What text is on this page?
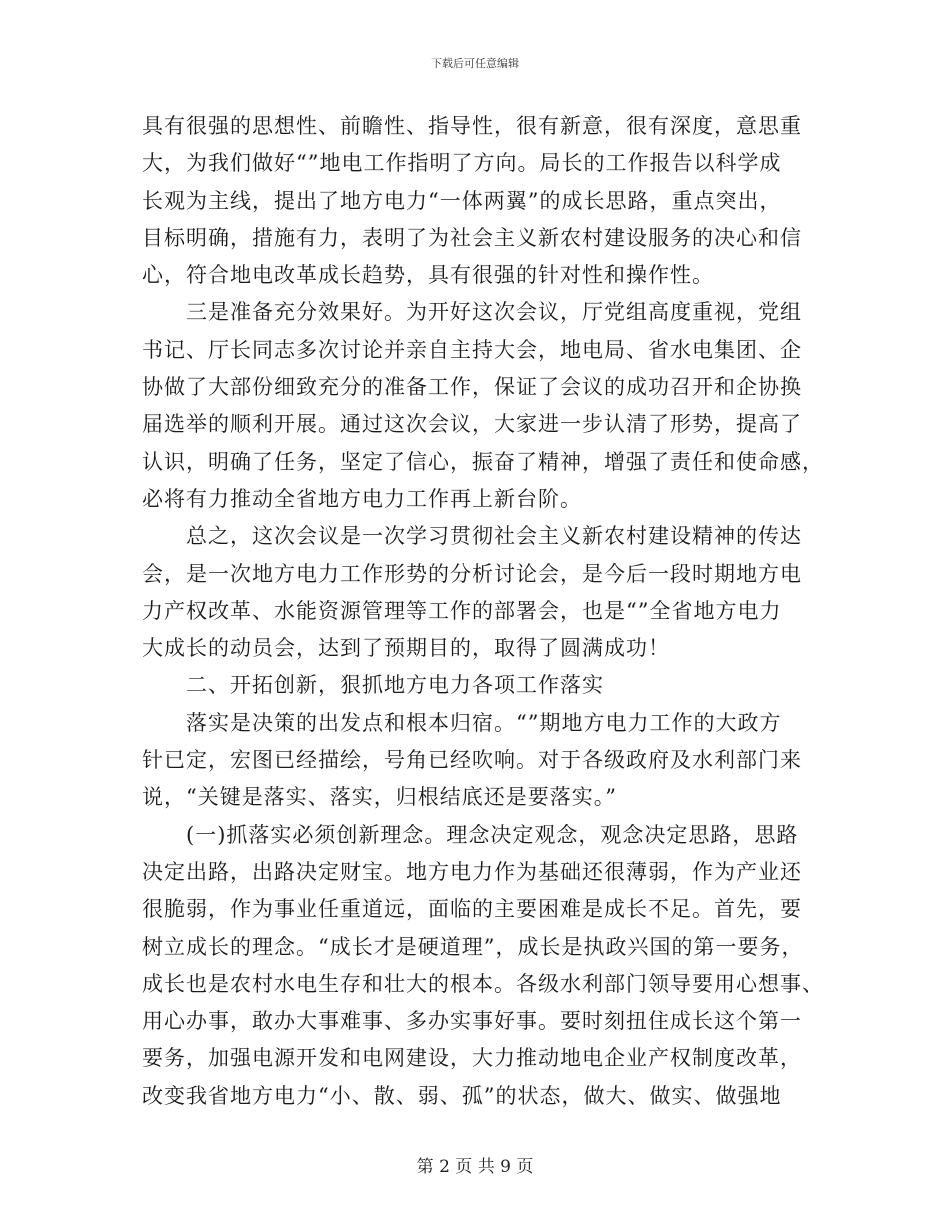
下载后可任意编辑
具有很强的思想性、前瞻性、指导性，很有新意，很有深度，意思重
大，为我们做好“”地电工作指明了方向。局长的工作报告以科学成
长观为主线，提出了地方电力“一体两翼”的成长思路，重点突出，
目标明确，措施有力，表明了为社会主义新农村建设服务的决心和信
心，符合地电改革成长趋势，具有很强的针对性和操作性。
　　三是准备充分效果好。为开好这次会议，厅党组高度重视，党组
书记、厅长同志多次讨论并亲自主持大会，地电局、省水电集团、企
协做了大部份细致充分的准备工作，保证了会议的成功召开和企协换
届选举的顺利开展。通过这次会议，大家进一步认清了形势，提高了
认识，明确了任务，坚定了信心，振奋了精神，增强了责任和使命感，
必将有力推动全省地方电力工作再上新台阶。
　　总之，这次会议是一次学习贯彻社会主义新农村建设精神的传达
会，是一次地方电力工作形势的分析讨论会，是今后一段时期地方电
力产权改革、水能资源管理等工作的部署会，也是“”全省地方电力
大成长的动员会，达到了预期目的，取得了圆满成功！
　　二、开拓创新，狠抓地方电力各项工作落实
　　落实是决策的出发点和根本归宿。“”期地方电力工作的大政方
针已定，宏图已经描绘，号角已经吹响。对于各级政府及水利部门来
说，“关键是落实、落实，归根结底还是要落实。”
　　(一)抓落实必须创新理念。理念决定观念，观念决定思路，思路
决定出路，出路决定财宝。地方电力作为基础还很薄弱，作为产业还
很脆弱，作为事业任重道远，面临的主要困难是成长不足。首先，要
树立成长的理念。“成长才是硬道理”，成长是执政兴国的第一要务，
成长也是农村水电生存和壮大的根本。各级水利部门领导要用心想事、
用心办事，敢办大事难事、多办实事好事。要时刻扭住成长这个第一
要务，加强电源开发和电网建设，大力推动地电企业产权制度改革，
改变我省地方电力“小、散、弱、孤”的状态，做大、做实、做强地
第 2 页 共 9 页
